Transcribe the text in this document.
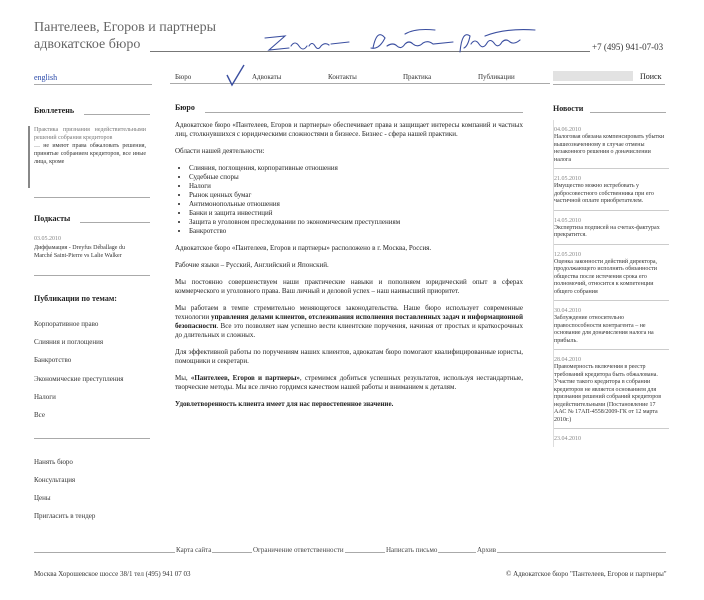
Пантелеев, Егоров и партнеры
адвокатское бюро	+7 (495) 941-07-03
english	Бюро	Адвокаты	Контакты	Практика	Публикации	Поиск
Бюллетень
Практика признания недействительными решений собрания кредиторов
… не имеют права обжаловать решения, принятые собранием кредиторов, все иные лица, кроме
Подкасты
03.05.2010
Диффамация - Dreyfus Déballage du Marché Saint-Pierre vs Lalie Walker
Публикации по темам:
Корпоративное право
Слияния и поглощения
Банкротство
Экономические преступления
Налоги
Все
Нанять бюро
Консультация
Цены
Пригласить в тендер
Бюро

Адвокатское бюро «Пантелеев, Егоров и партнеры» обеспечивает права и защищает интересы компаний и частных лиц, столкнувшихся с юридическими сложностями в бизнесе. Бизнес - сфера нашей практики.

Области нашей деятельности:

• Слияния, поглощения, корпоративные отношения
• Судебные споры
• Налоги
• Рынок ценных бумаг
• Антимонопольные отношения
• Банки и защита инвестиций
• Защита в уголовном преследовании по экономическим преступлениям
• Банкротство

Адвокатское бюро «Пантелеев, Егоров и партнеры» расположено в г. Москва, Россия.

Рабочие языки – Русский, Английский и Японский.

Мы постоянно совершенствуем наши практические навыки и пополняем юридический опыт в сферах коммерческого и уголовного права. Ваш личный и деловой успех – наш наивысший приоритет.

Мы работаем в темпе стремительно меняющегося законодательства. Наше бюро использует современные технологии управления делами клиентов, отслеживания исполнения поставленных задач и информационной безопасности. Все это позволяет нам успешно вести клиентские поручения, начиная от простых и краткосрочных до длительных и сложных.

Для эффективной работы по поручениям наших клиентов, адвокатам бюро помогают квалифицированные юристы, помощники и секретари.

Мы, «Пантелеев, Егоров и партнеры», стремимся добиться успешных результатов, используя нестандартные, творческие методы. Мы все лично гордимся качеством нашей работы и вниманием к деталям.

Удовлетворенность клиента имеет для нас первостепенное значение.

Новости
04.06.2010
Налоговая обязана компенсировать убытки вышеозначенному в случае отмены незаконного решения о доначислении налога
21.05.2010
Имущество можно истребовать у добросовестного собственника при его частичной оплате приобретателем.
14.05.2010
Экспертиза подписей на счетах-фактурах прекратится.
12.05.2010
Оценка законности действий директора, продолжающего исполнять обязанности общества после истечения срока его полномочий, относится к компетенции общего собрания
30.04.2010
Заблуждение относительно правоспособности контрагента – не основание для доначисления налога на прибыль.
28.04.2010
Правомерность включения в реестр требований кредитора быть обжалована. Участие такого кредитора в собрании кредиторов не является основанием для признания решений собраний кредиторов недействительными (Постановление 17 ААС № 17АП-4558/2009-ГК от 12 марта 2010г.)
23.04.2010
Карта сайта	Ограничение ответственности	Написать письмо	Архив
Москва Хорошевское шоссе 38/1 тел (495) 941 07 03	© Адвокатское бюро "Пантелеев, Егоров и партнеры"
